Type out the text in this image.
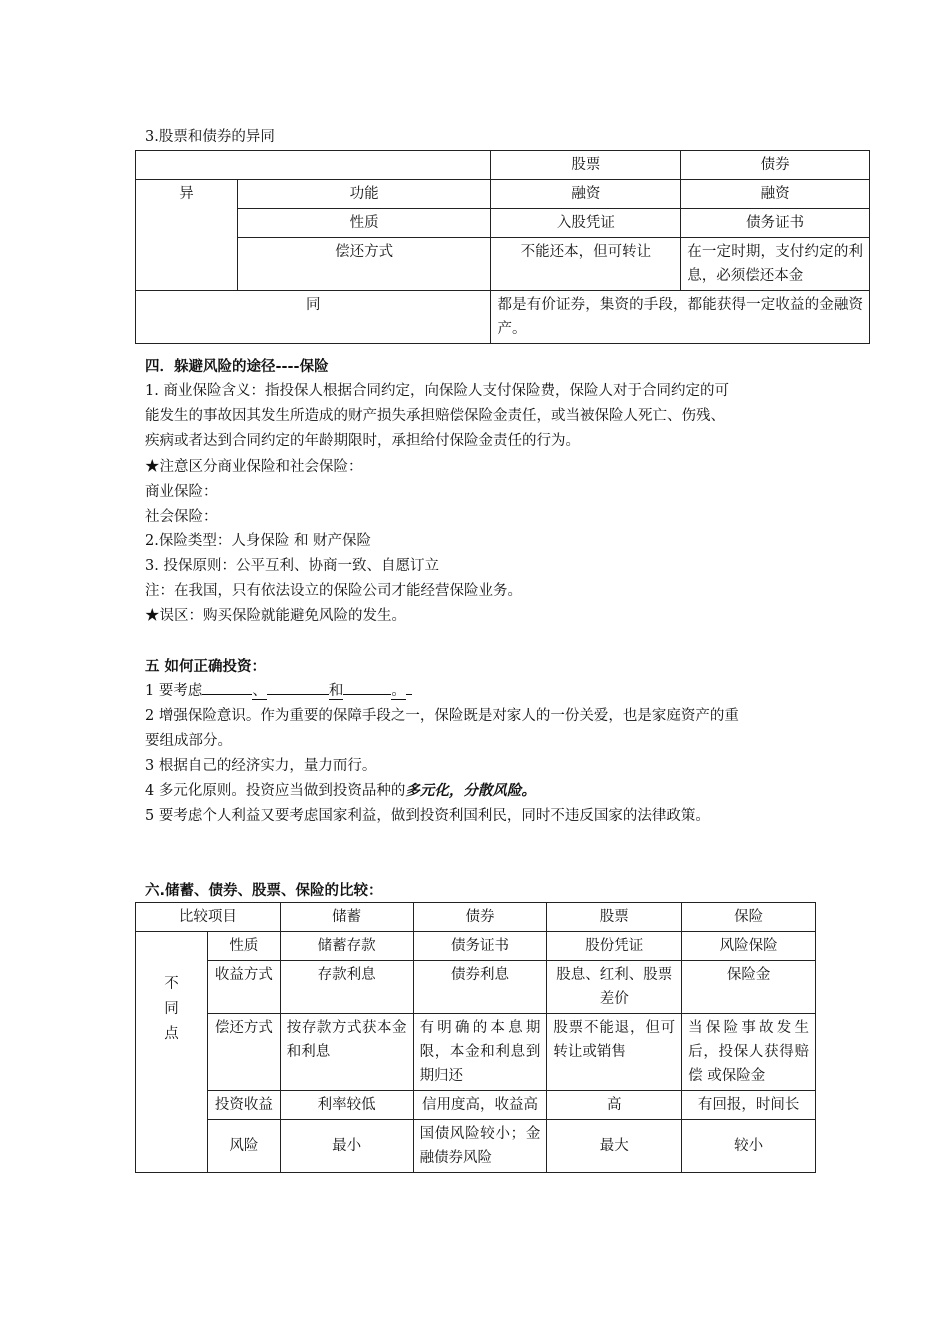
3.股票和债券的异同
		股票	债券
异	功能	融资	融资
	性质	入股凭证	债务证书
	偿还方式	不能还本，但可转让	在一定时期，支付约定的利息，必须偿还本金
同		都是有价证券，集资的手段，都能获得一定收益的金融资产。	
四．躲避风险的途径----保险
1. 商业保险含义：指投保人根据合同约定，向保险人支付保险费，保险人对于合同约定的可
能发生的事故因其发生所造成的财产损失承担赔偿保险金责任，或当被保险人死亡、伤残、
疾病或者达到合同约定的年龄期限时，承担给付保险金责任的行为。
★注意区分商业保险和社会保险：
商业保险：
社会保险：
2.保险类型：人身保险 和 财产保险
3. 投保原则：公平互利、协商一致、自愿订立
注：在我国，只有依法设立的保险公司才能经营保险业务。
★误区：购买保险就能避免风险的发生。
五 如何正确投资：
1 要考虑	、	和	。
2 增强保险意识。作为重要的保障手段之一，保险既是对家人的一份关爱，也是家庭资产的重
要组成部分。
3 根据自己的经济实力，量力而行。
4 多元化原则。投资应当做到投资品种的多元化，分散风险。
5 要考虑个人利益又要考虑国家利益，做到投资利国利民，同时不违反国家的法律政策。
六.储蓄、债券、股票、保险的比较：
比较项目		储蓄	债券	股票	保险

不同点	性质	储蓄存款	债务证书	股份凭证	风险保险
	收益方式	存款利息	债券利息	股息、红利、股票差价	保险金
	偿还方式	按存款方式获本金和利息	有明确的本息期限，本金和利息到期归还	股票不能退，但可转让或销售	当保险事故发生后，投保人获得赔偿 或保险金
	投资收益	利率较低	信用度高，收益高	高	有回报，时间长
	风险	最小	国债风险较小；金融债券风险	最大	较小
